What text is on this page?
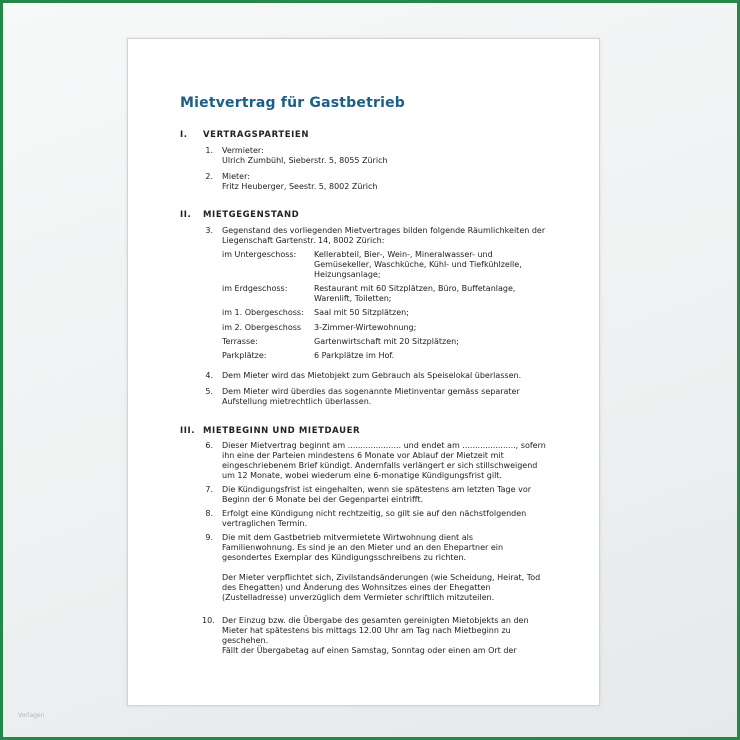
Vorlagen
Mietvertrag für Gastbetrieb
I. VERTRAGSPARTEIEN
1. Vermieter:
Ulrich Zumbühl, Sieberstr. 5, 8055 Zürich
2. Mieter:
Fritz Heuberger, Seestr. 5, 8002 Zürich
II. MIETGEGENSTAND
3. Gegenstand des vorliegenden Mietvertrages bilden folgende Räumlichkeiten der
Liegenschaft Gartenstr. 14, 8002 Zürich:
im Untergeschoss: Kellerabteil, Bier-, Wein-, Mineralwasser- und
Gemüsekeller, Waschküche, Kühl- und Tiefkühlzelle,
Heizungsanlage;
im Erdgeschoss:	Restaurant mit 60 Sitzplätzen, Büro, Buffetanlage,
Warenlift, Toiletten;
im 1. Obergeschoss: Saal mit 50 Sitzplätzen;
im 2. Obergeschoss 3-Zimmer-Wirtewohnung;
Terrasse:	Gartenwirtschaft mit 20 Sitzplätzen;
Parkplätze:	6 Parkplätze im Hof.
4. Dem Mieter wird das Mietobjekt zum Gebrauch als Speiselokal überlassen.
5. Dem Mieter wird überdies das sogenannte Mietinventar gemäss separater
Aufstellung mietrechtlich überlassen.
III. MIETBEGINN UND MIETDAUER
6. Dieser Mietvertrag beginnt am ..................... und endet am ....................., sofern
ihn eine der Parteien mindestens 6 Monate vor Ablauf der Mietzeit mit
eingeschriebenem Brief kündigt. Andernfalls verlängert er sich stillschweigend
um 12 Monate, wobei wiederum eine 6-monatige Kündigungsfrist gilt.
7. Die Kündigungsfrist ist eingehalten, wenn sie spätestens am letzten Tage vor
Beginn der 6 Monate bei der Gegenpartei eintrifft.
8. Erfolgt eine Kündigung nicht rechtzeitig, so gilt sie auf den nächstfolgenden
vertraglichen Termin.
9. Die mit dem Gastbetrieb mitvermietete Wirtwohnung dient als
Familienwohnung. Es sind je an den Mieter und an den Ehepartner ein
gesondertes Exemplar des Kündigungsschreibens zu richten.
Der Mieter verpflichtet sich, Zivilstandsänderungen (wie Scheidung, Heirat, Tod
des Ehegatten) und Änderung des Wohnsitzes eines der Ehegatten
(Zustelladresse) unverzüglich dem Vermieter schriftlich mitzuteilen.
10. Der Einzug bzw. die Übergabe des gesamten gereinigten Mietobjekts an den
Mieter hat spätestens bis mittags 12.00 Uhr am Tag nach Mietbeginn zu
geschehen.
Fällt der Übergabetag auf einen Samstag, Sonntag oder einen am Ort der
